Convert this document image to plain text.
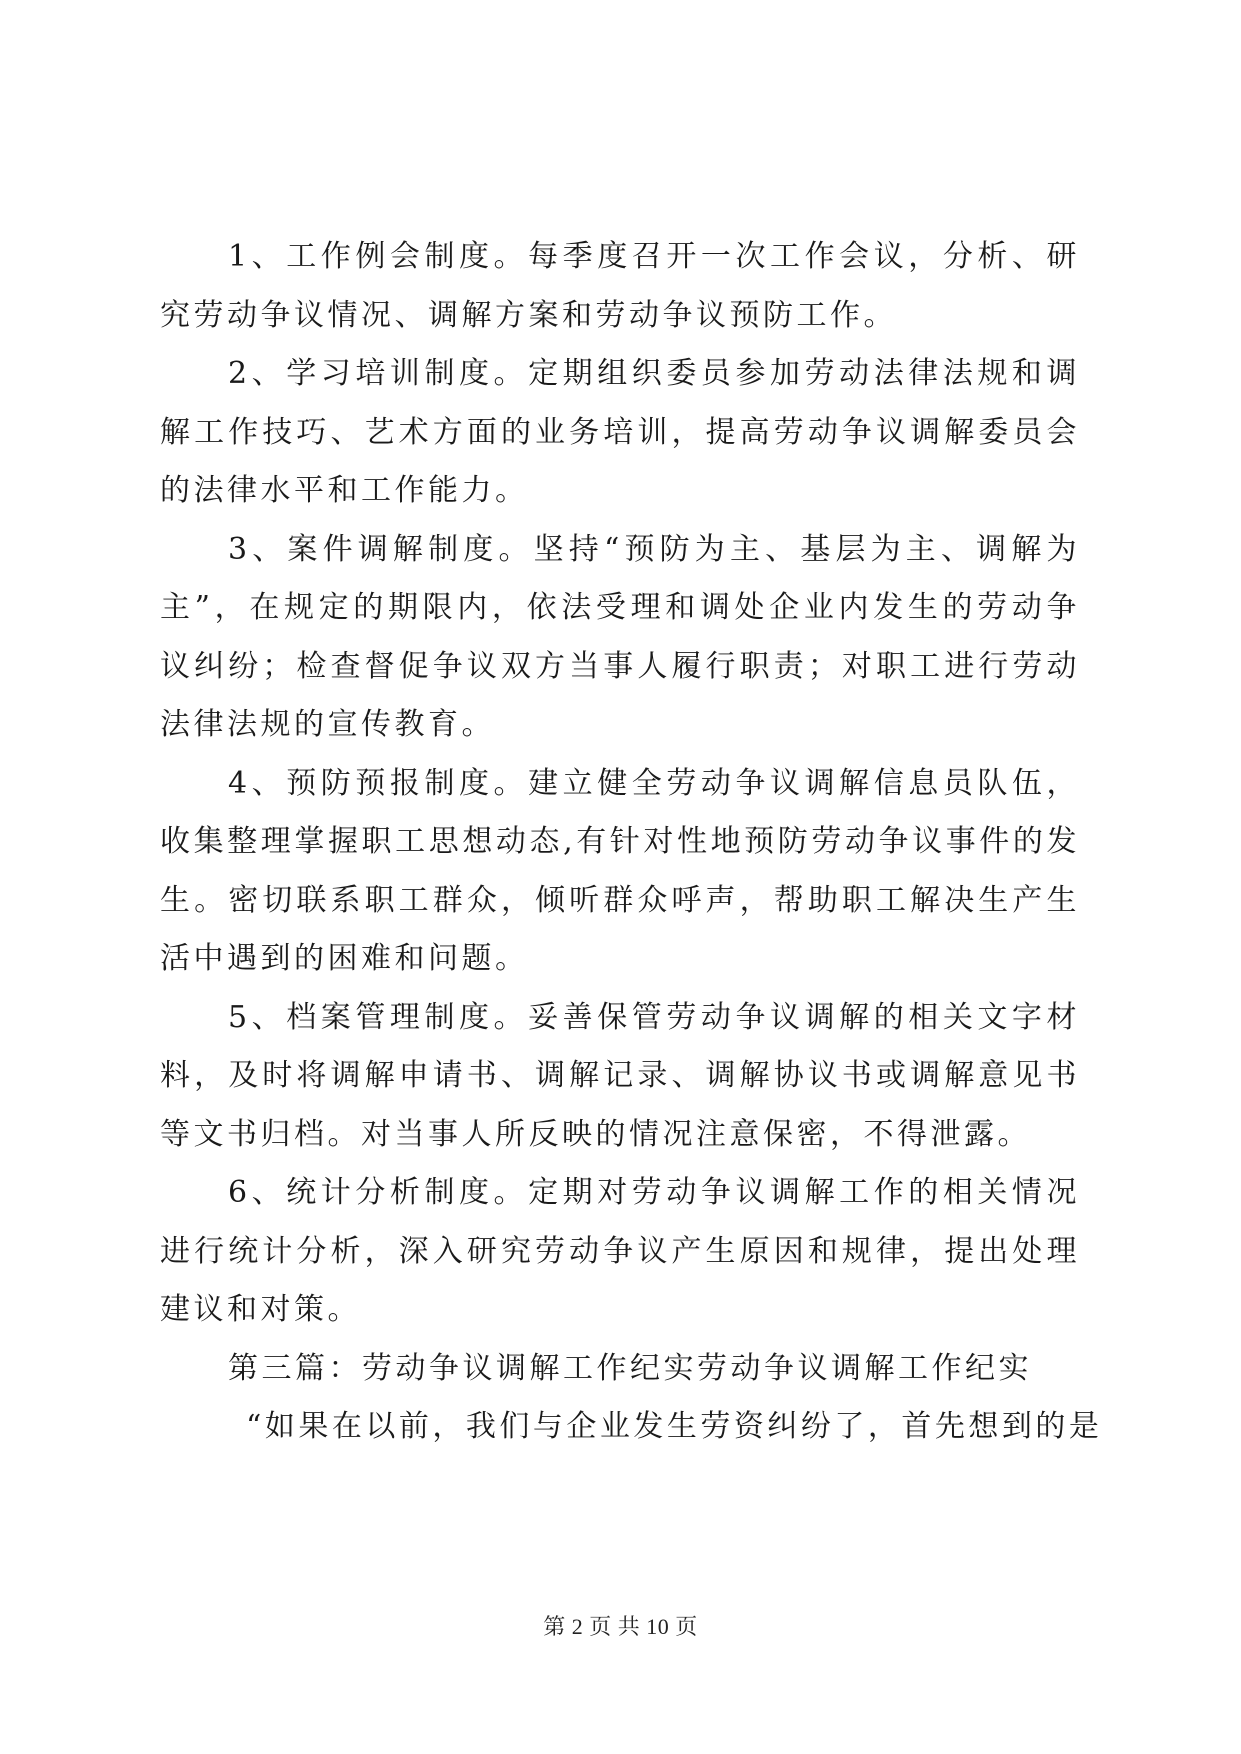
1、工作例会制度。每季度召开一次工作会议，分析、研究劳动争议情况、调解方案和劳动争议预防工作。

2、学习培训制度。定期组织委员参加劳动法律法规和调解工作技巧、艺术方面的业务培训，提高劳动争议调解委员会的法律水平和工作能力。

3、案件调解制度。坚持“预防为主、基层为主、调解为主”，在规定的期限内，依法受理和调处企业内发生的劳动争议纠纷；检查督促争议双方当事人履行职责；对职工进行劳动法律法规的宣传教育。

4、预防预报制度。建立健全劳动争议调解信息员队伍，收集整理掌握职工思想动态,有针对性地预防劳动争议事件的发生。密切联系职工群众，倾听群众呼声，帮助职工解决生产生活中遇到的困难和问题。

5、档案管理制度。妥善保管劳动争议调解的相关文字材料，及时将调解申请书、调解记录、调解协议书或调解意见书等文书归档。对当事人所反映的情况注意保密，不得泄露。

6、统计分析制度。定期对劳动争议调解工作的相关情况进行统计分析，深入研究劳动争议产生原因和规律，提出处理建议和对策。

第三篇：劳动争议调解工作纪实劳动争议调解工作纪实

“如果在以前，我们与企业发生劳资纠纷了，首先想到的是

第 2 页 共 10 页
